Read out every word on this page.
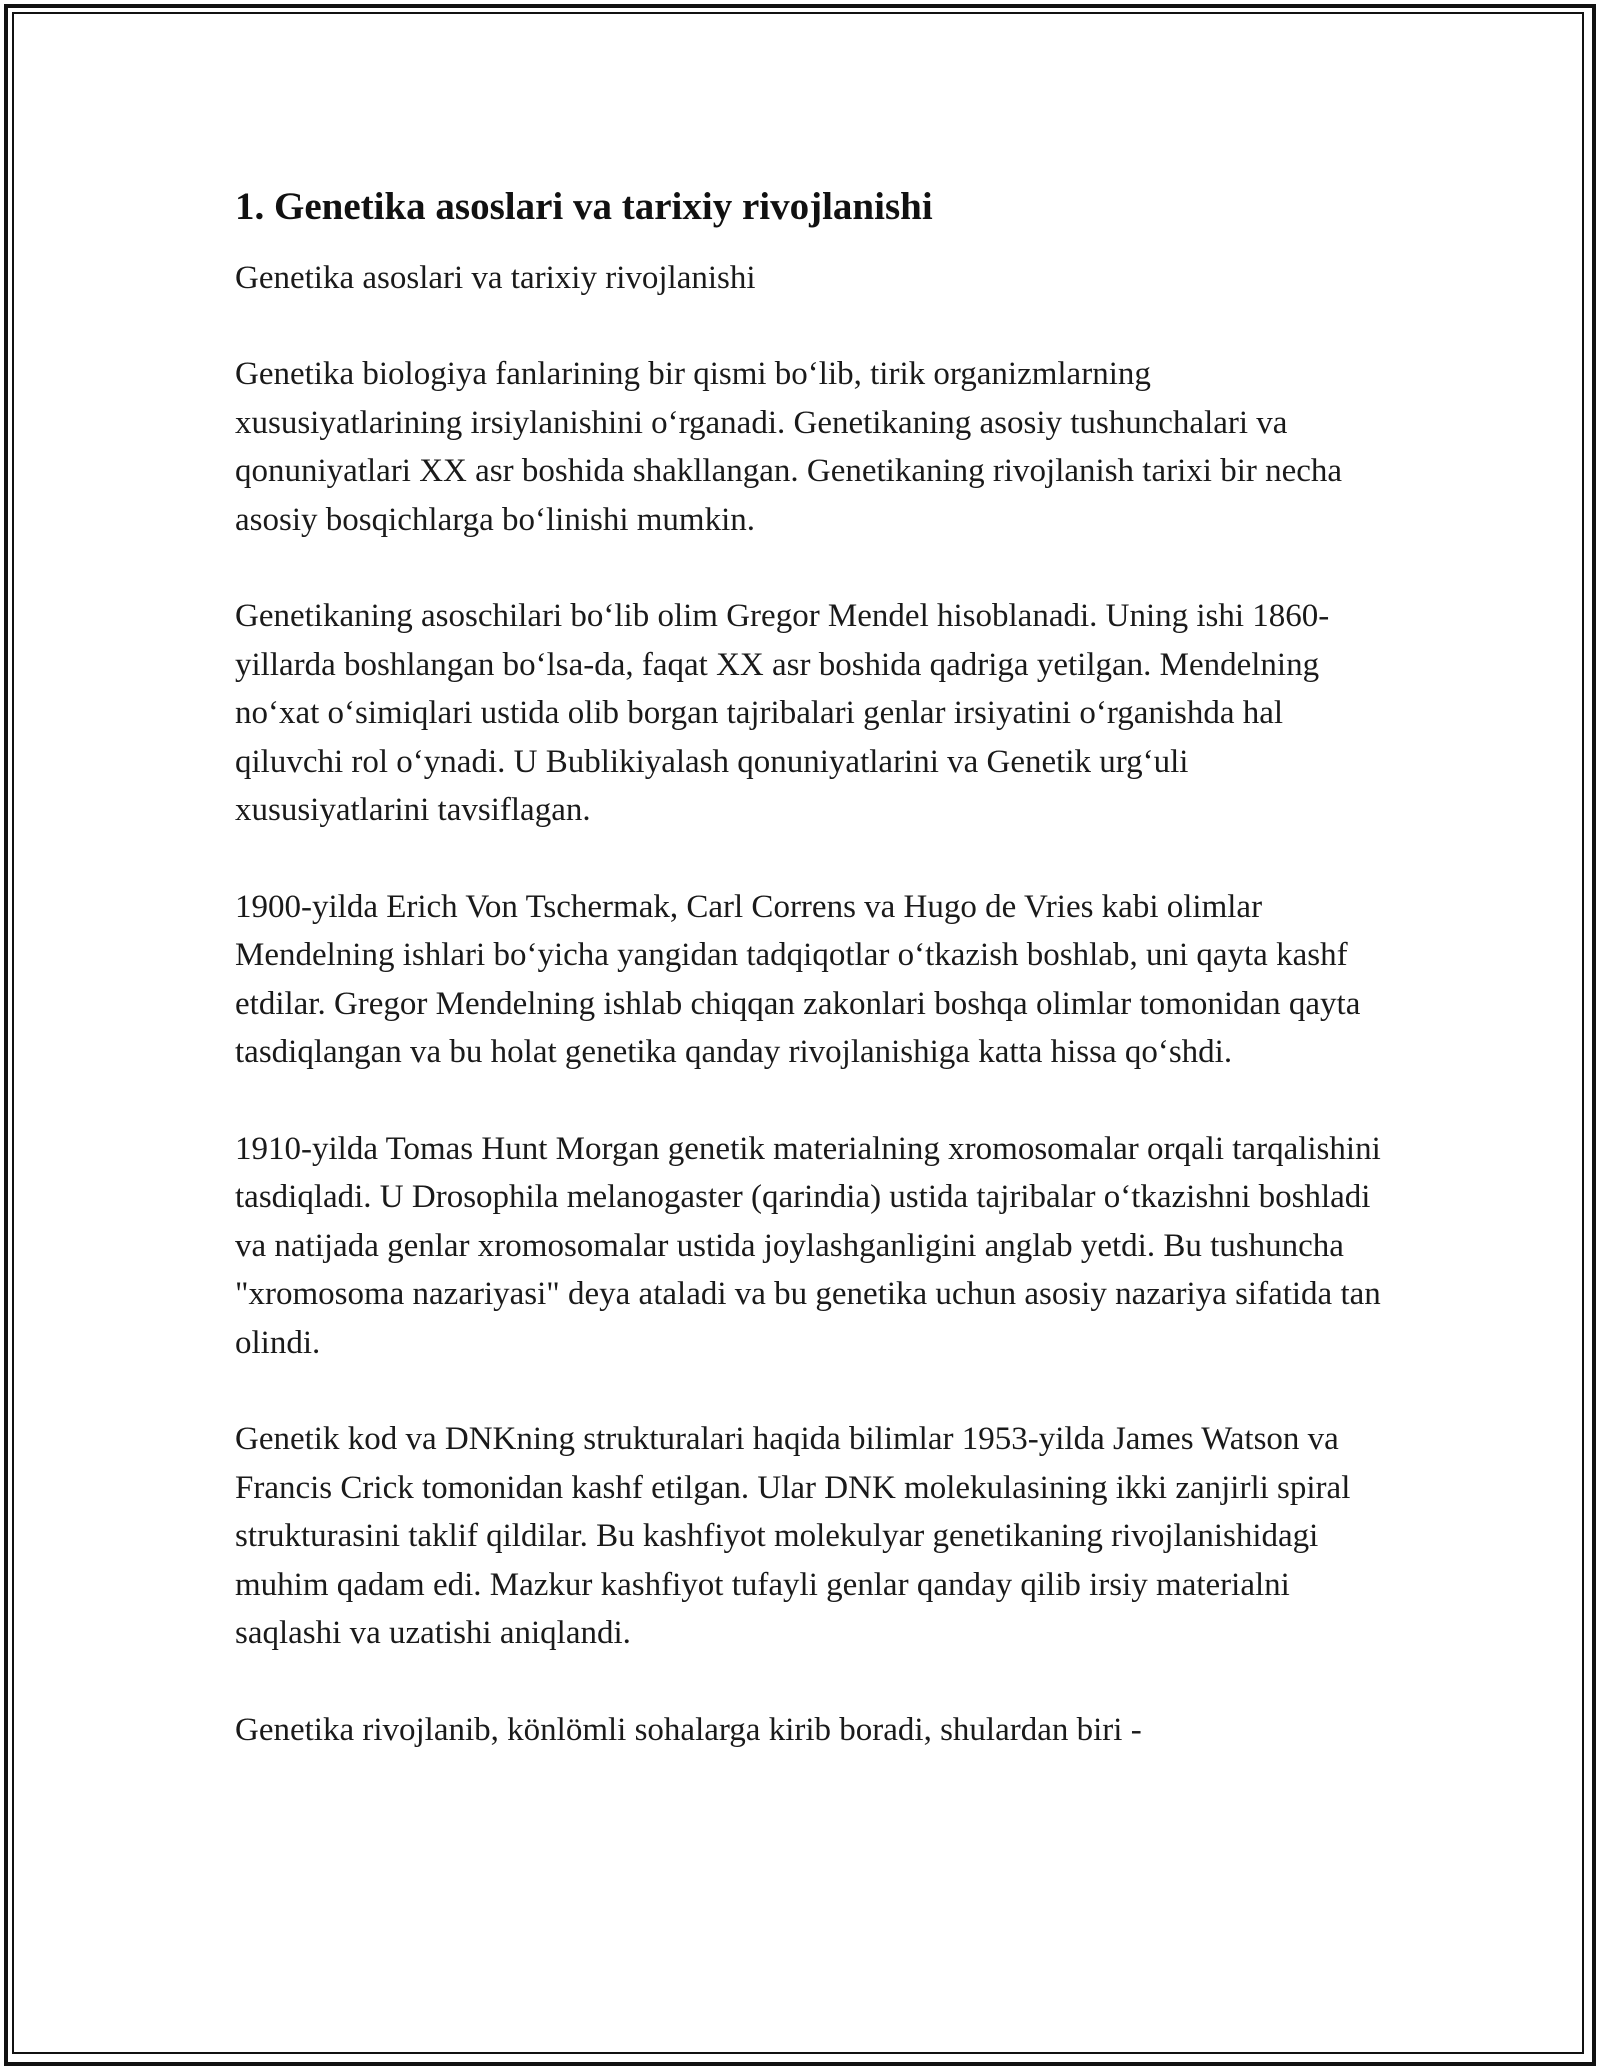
1. Genetika asoslari va tarixiy rivojlanishi

Genetika asoslari va tarixiy rivojlanishi

Genetika biologiya fanlarining bir qismi boʻlib, tirik organizmlarning xususiyatlarining irsiylanishini oʻrganadi. Genetikaning asosiy tushunchalari va qonuniyatlari XX asr boshida shakllangan. Genetikaning rivojlanish tarixi bir necha asosiy bosqichlarga boʻlinishi mumkin.

Genetikaning asoschilari boʻlib olim Gregor Mendel hisoblanadi. Uning ishi 1860-yillarda boshlangan boʻlsa-da, faqat XX asr boshida qadriga yetilgan. Mendelning noʻxat oʻsimiqlari ustida olib borgan tajribalari genlar irsiyatini oʻrganishda hal qiluvchi rol oʻynadi. U Bublikiyalash qonuniyatlarini va Genetik urgʻuli xususiyatlarini tavsiflagan.

1900-yilda Erich Von Tschermak, Carl Correns va Hugo de Vries kabi olimlar Mendelning ishlari boʻyicha yangidan tadqiqotlar oʻtkazish boshlab, uni qayta kashf etdilar. Gregor Mendelning ishlab chiqqan zakonlari boshqa olimlar tomonidan qayta tasdiqlangan va bu holat genetika qanday rivojlanishiga katta hissa qoʻshdi.

1910-yilda Tomas Hunt Morgan genetik materialning xromosomalar orqali tarqalishini tasdiqladi. U Drosophila melanogaster (qarindia) ustida tajribalar oʻtkazishni boshladi va natijada genlar xromosomalar ustida joylashganligini anglab yetdi. Bu tushuncha "xromosoma nazariyasi" deya ataladi va bu genetika uchun asosiy nazariya sifatida tan olindi.

Genetik kod va DNKning strukturalari haqida bilimlar 1953-yilda James Watson va Francis Crick tomonidan kashf etilgan. Ular DNK molekulasining ikki zanjirli spiral strukturasini taklif qildilar. Bu kashfiyot molekulyar genetikaning rivojlanishidagi muhim qadam edi. Mazkur kashfiyot tufayli genlar qanday qilib irsiy materialni saqlashi va uzatishi aniqlandi.

Genetika rivojlanib, könlömli sohalarga kirib boradi, shulardan biri -
